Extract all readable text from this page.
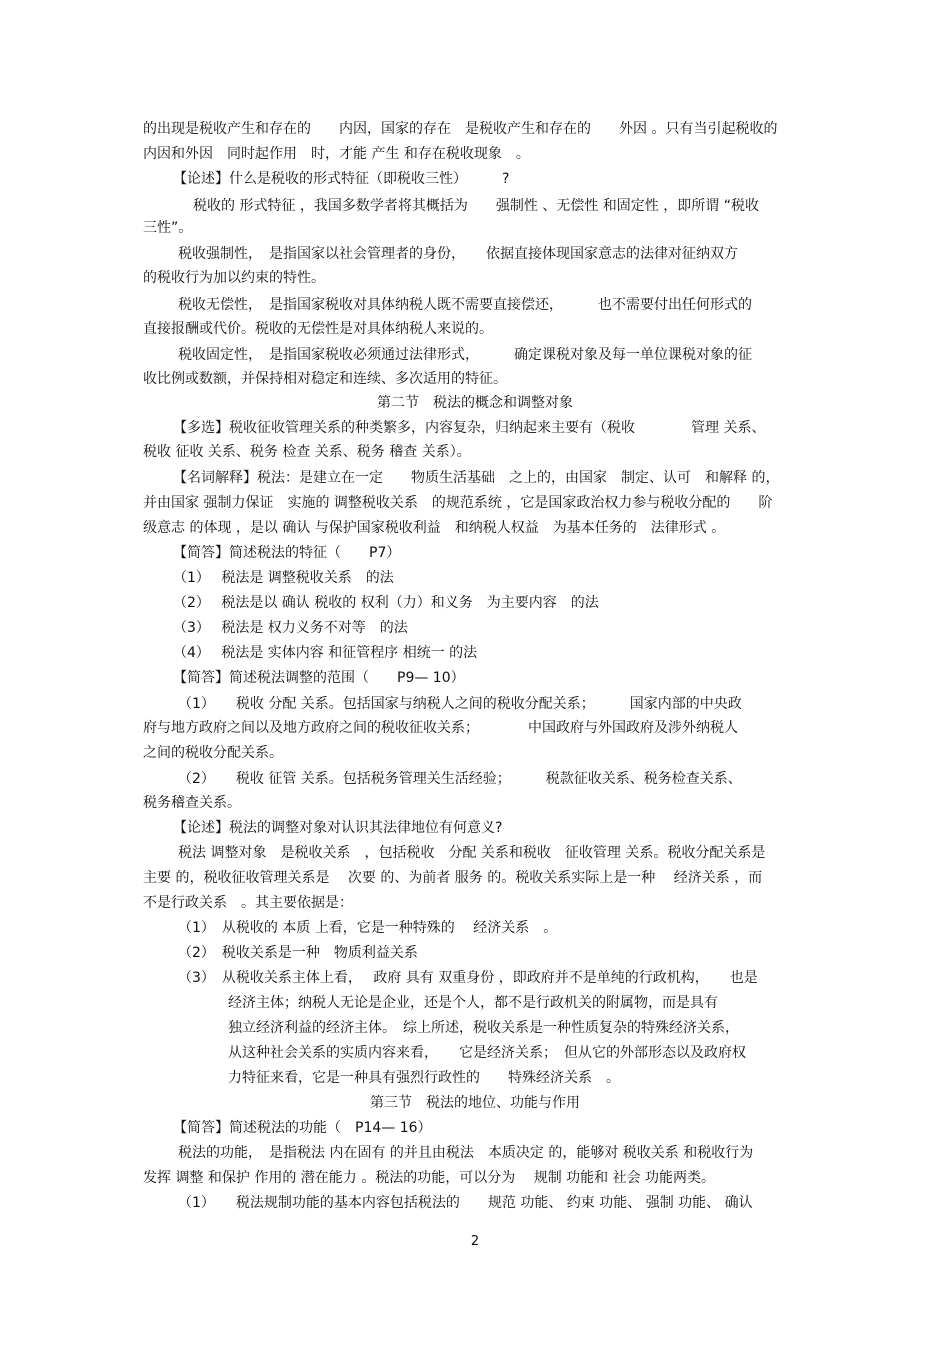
的出现是税收产生和存在的　　内因，国家的存在　是税收产生和存在的　　外因 。只有当引起税收的
内因和外因　同时起作用　时，才能 产生 和存在税收现象　。
【论述】什么是税收的形式特征（即税收三性）　　　?
税收的 形式特征 ，我国多数学者将其概括为　　强制性 、无偿性 和固定性 ，即所谓 “税收
三性”。
税收强制性，　是指国家以社会管理者的身份，　　依据直接体现国家意志的法律对征纳双方
的税收行为加以约束的特性。
税收无偿性，　是指国家税收对具体纳税人既不需要直接偿还，　　　也不需要付出任何形式的
直接报酬或代价。税收的无偿性是对具体纳税人来说的。
税收固定性，　是指国家税收必须通过法律形式，　　　确定课税对象及每一单位课税对象的征
收比例或数额，并保持相对稳定和连续、多次适用的特征。
第二节　税法的概念和调整对象
【多选】税收征收管理关系的种类繁多，内容复杂，归纳起来主要有（税收　　　　管理 关系、
税收 征收 关系、税务 检查 关系、税务 稽查 关系）。
【名词解释】税法：是建立在一定　　物质生活基础　之上的，由国家　制定、认可　和解释 的，
并由国家 强制力保证　实施的 调整税收关系　的规范系统 ，它是国家政治权力参与税收分配的　　阶
级意志 的体现 ，是以 确认 与保护国家税收利益　和纳税人权益　为基本任务的　法律形式 。
【简答】简述税法的特征（　　P7）
（1）　 税法是 调整税收关系　的法
（2）　 税法是以 确认 税收的 权利（力）和义务　为主要内容　的法
（3）　 税法是 权力义务不对等　的法
（4）　 税法是 实体内容 和征管程序 相统一 的法
【简答】简述税法调整的范围（　　P9— 10）
（1）　　税收 分配 关系。包括国家与纳税人之间的税收分配关系；　　　国家内部的中央政
府与地方政府之间以及地方政府之间的税收征收关系；　　　　中国政府与外国政府及涉外纳税人
之间的税收分配关系。
（2）　　税收 征管 关系。包括税务管理关生活经验；　　　税款征收关系、税务检查关系、
税务稽查关系。
【论述】税法的调整对象对认识其法律地位有何意义?
税法 调整对象　是税收关系　，包括税收　分配 关系和税收　征收管理 关系。税收分配关系是
主要 的，税收征收管理关系是　 次要 的、为前者 服务 的。税收关系实际上是一种　 经济关系 ，而
不是行政关系　。其主要依据是：
（1）　从税收的 本质 上看，它是一种特殊的　 经济关系　。
（2）　税收关系是一种　物质利益关系
（3）　从税收关系主体上看，　 政府 具有 双重身份 ，即政府并不是单纯的行政机构，　　也是
经济主体；纳税人无论是企业，还是个人，都不是行政机关的附属物，而是具有
独立经济利益的经济主体。　综上所述，税收关系是一种性质复杂的特殊经济关系，
从这种社会关系的实质内容来看，　　它是经济关系；　但从它的外部形态以及政府权
力特征来看，它是一种具有强烈行政性的　　特殊经济关系　。
第三节　税法的地位、功能与作用
【简答】简述税法的功能（　P14— 16）
税法的功能，　是指税法 内在固有 的并且由税法　本质决定 的，能够对 税收关系 和税收行为
发挥 调整 和保护 作用的 潜在能力 。税法的功能，可以分为　 规制 功能和 社会 功能两类。
（1）　　税法规制功能的基本内容包括税法的　　规范 功能、 约束 功能、 强制 功能、 确认
2
